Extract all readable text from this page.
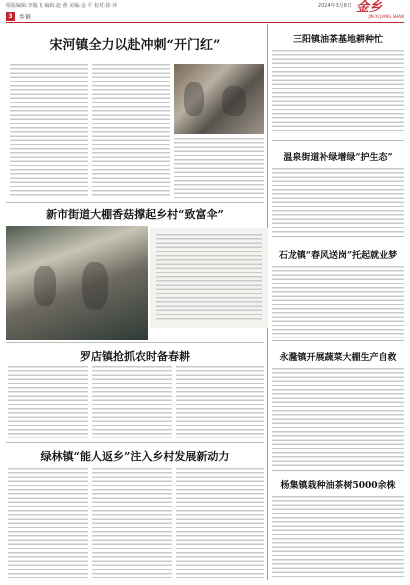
组版编辑:李璇飞 编辑:赵 燕 美编:金 平 校对:徐 萍	2024年3月8日 金乡
JIN XI JIANG SHAN
3	乡镇
宋河镇全力以赴冲刺“开门红”
新市街道大棚香菇撑起乡村“致富伞”
罗店镇抢抓农时备春耕
绿林镇“能人返乡”注入乡村发展新动力
三阳镇油茶基地耕种忙
温泉街道补绿增绿“护生态”
石龙镇“春风送岗”托起就业梦
永漋镇开展蔬菜大棚生产自救
杨集镇栽种油茶树5000余株
